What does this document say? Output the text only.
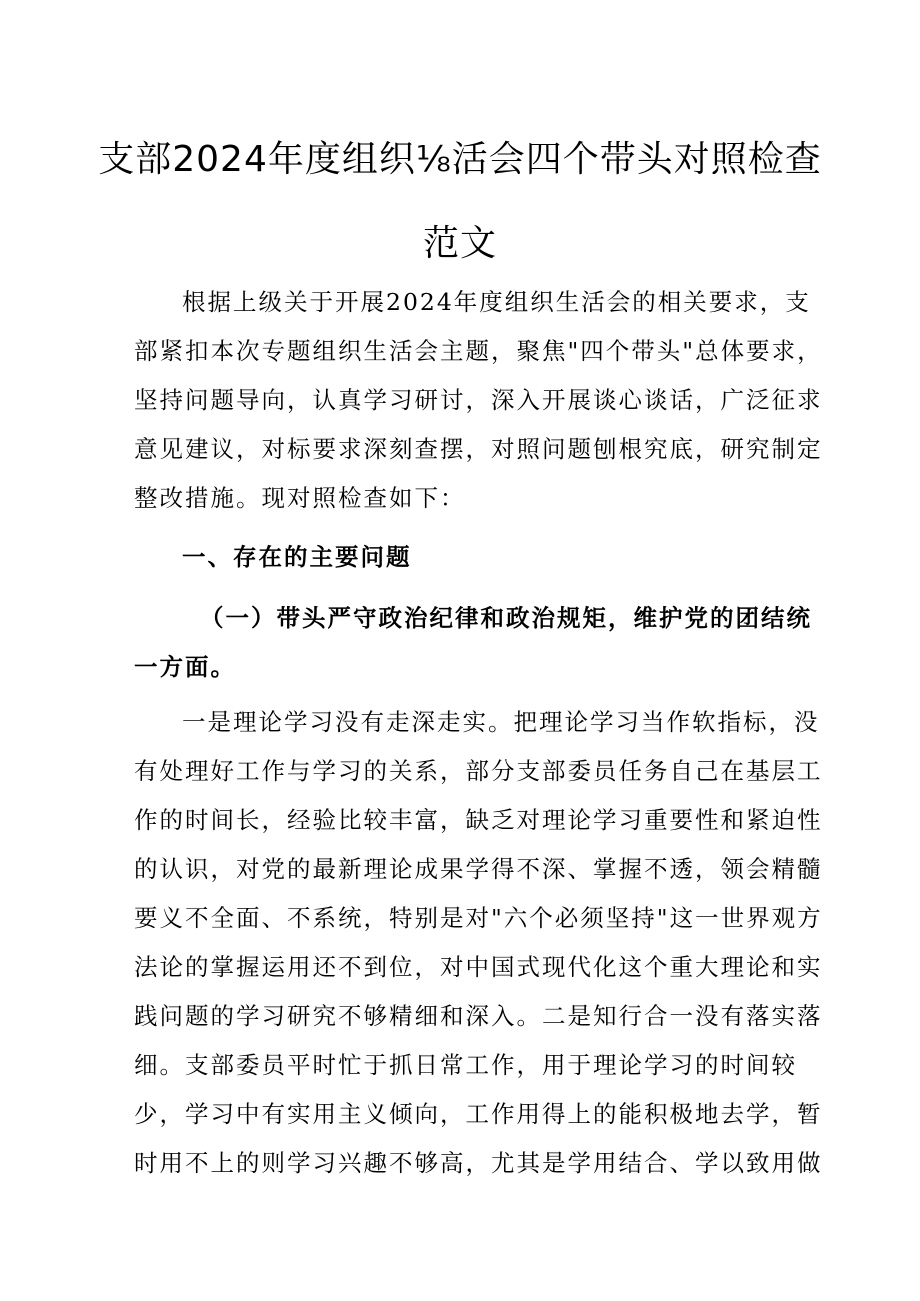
支部2024年度组织⅛活会四个带头对照检查
范文
根据上级关于开展2024年度组织生活会的相关要求，支
部紧扣本次专题组织生活会主题，聚焦"四个带头"总体要求，
坚持问题导向，认真学习研讨，深入开展谈心谈话，广泛征求
意见建议，对标要求深刻查摆，对照问题刨根究底，研究制定
整改措施。现对照检查如下：
一、存在的主要问题
（一）带头严守政治纪律和政治规矩，维护党的团结统
一方面。
一是理论学习没有走深走实。把理论学习当作软指标，没
有处理好工作与学习的关系，部分支部委员任务自己在基层工
作的时间长，经验比较丰富，缺乏对理论学习重要性和紧迫性
的认识，对党的最新理论成果学得不深、掌握不透，领会精髓
要义不全面、不系统，特别是对"六个必须坚持"这一世界观方
法论的掌握运用还不到位，对中国式现代化这个重大理论和实
践问题的学习研究不够精细和深入。二是知行合一没有落实落
细。支部委员平时忙于抓日常工作，用于理论学习的时间较
少，学习中有实用主义倾向，工作用得上的能积极地去学，暂
时用不上的则学习兴趣不够高，尤其是学用结合、学以致用做
